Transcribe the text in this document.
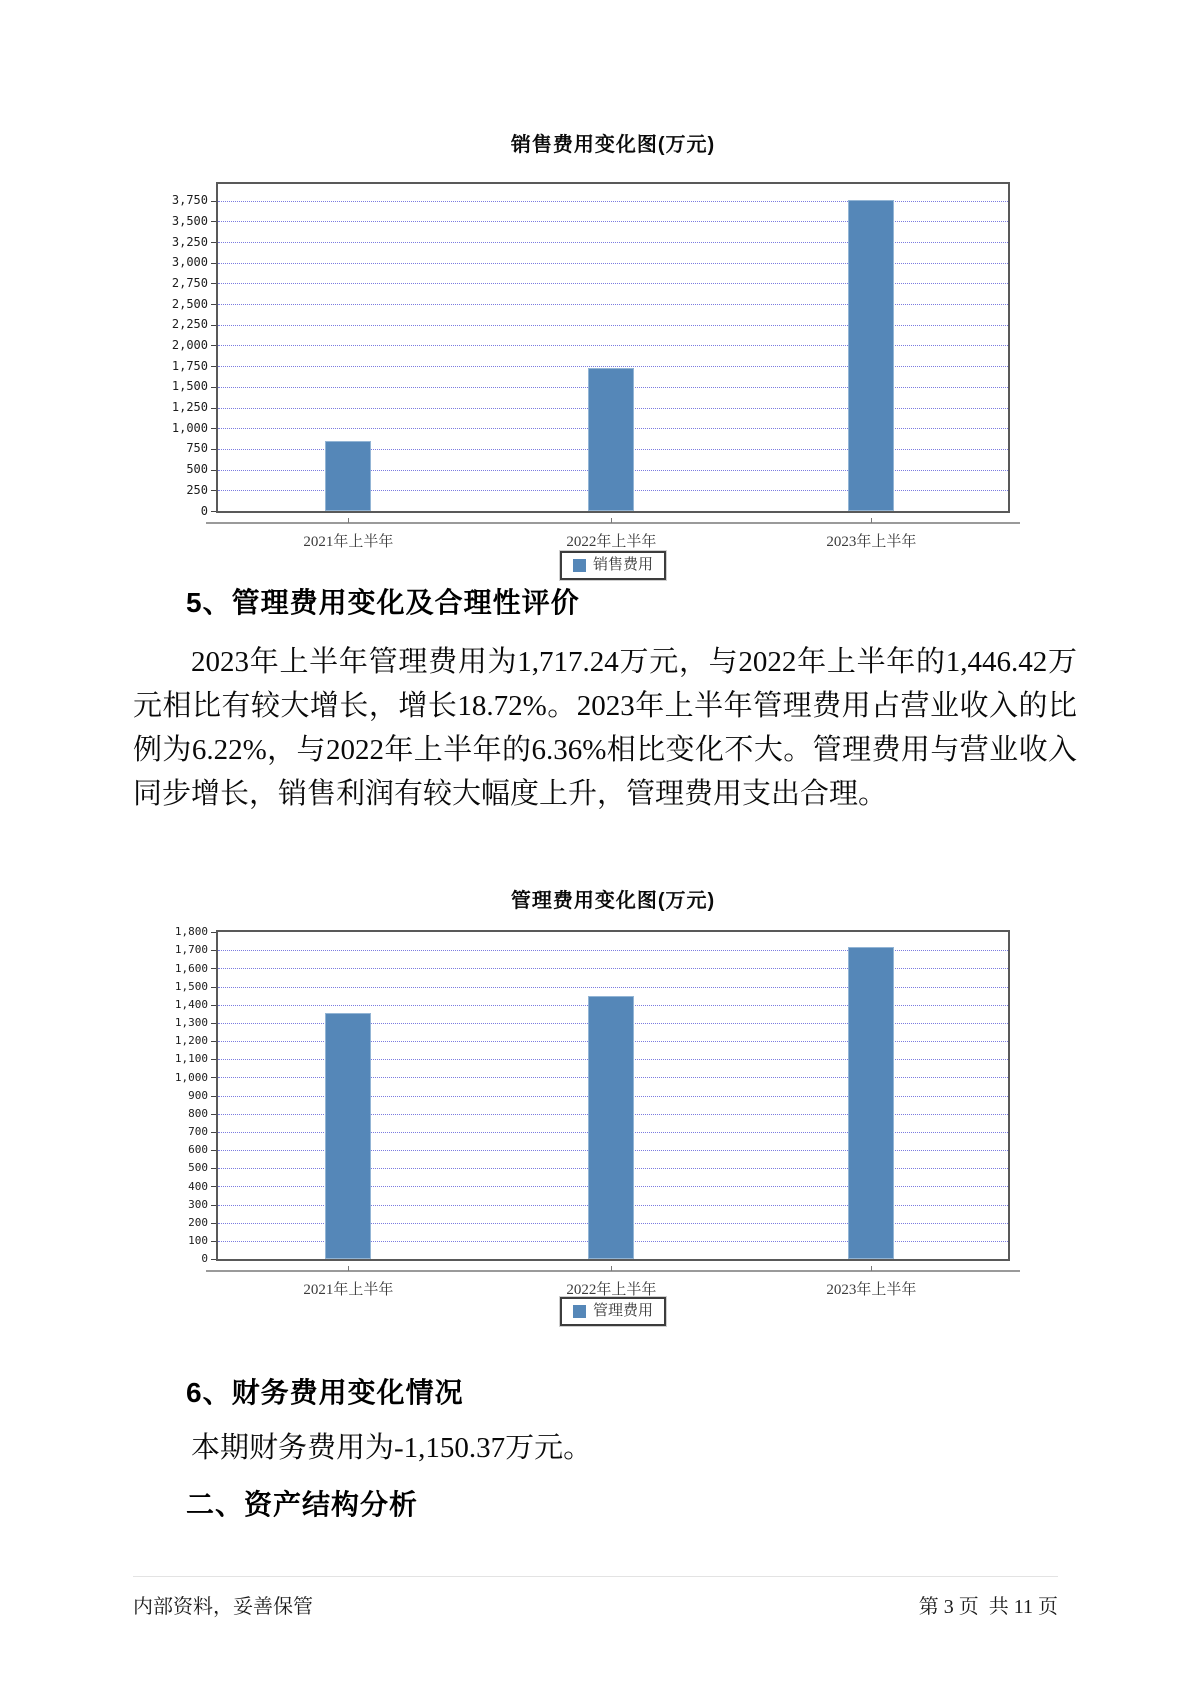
销售费用变化图(万元)
销售费用
5、管理费用变化及合理性评价
2023年上半年管理费用为1,717.24万元，与2022年上半年的1,446.42万元相比有较大增长，增长18.72%。2023年上半年管理费用占营业收入的比例为6.22%，与2022年上半年的6.36%相比变化不大。管理费用与营业收入同步增长，销售利润有较大幅度上升，管理费用支出合理。
管理费用变化图(万元)
管理费用
6、财务费用变化情况
本期财务费用为-1,150.37万元。
二、资产结构分析
内部资料，妥善保管	第 3 页  共 11 页
0
250
500
750
1,000
1,250
1,500
1,750
2,000
2,250
2,500
2,750
3,000
3,250
3,500
3,750
2021年上半年	2022年上半年	2023年上半年
0
100
200
300
400
500
600
700
800
900
1,000
1,100
1,200
1,300
1,400
1,500
1,600
1,700
1,800
2021年上半年	2022年上半年	2023年上半年
